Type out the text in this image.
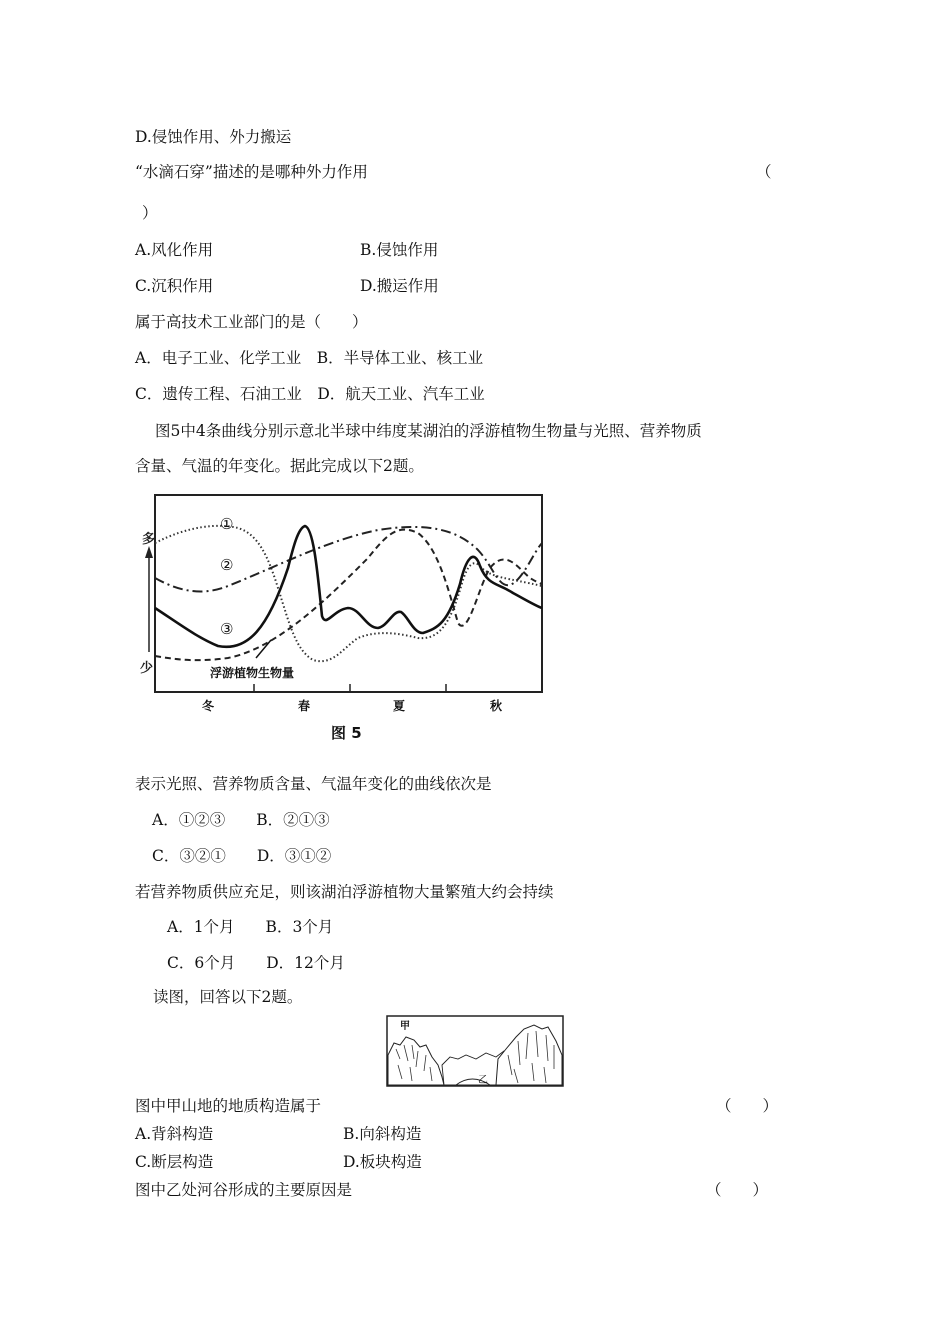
D.侵蚀作用、外力搬运
“水滴石穿”描述的是哪种外力作用	（
）
A.风化作用	B.侵蚀作用
C.沉积作用	D.搬运作用
属于高技术工业部门的是（　　）
A．电子工业、化学工业　B．半导体工业、核工业
C．遗传工程、石油工业　D．航天工业、汽车工业
图5中4条曲线分别示意北半球中纬度某湖泊的浮游植物生物量与光照、营养物质
含量、气温的年变化。据此完成以下2题。
多
少
①
②
③
浮游植物生物量
冬	春	夏	秋
图 5
表示光照、营养物质含量、气温年变化的曲线依次是
A．①②③　　B．②①③
C．③②①　　D．③①②
若营养物质供应充足，则该湖泊浮游植物大量繁殖大约会持续
A．1个月　　B．3个月
C．6个月　　D．12个月
读图，回答以下2题。
甲
乙
图中甲山地的地质构造属于	（　　）
A.背斜构造	B.向斜构造
C.断层构造	D.板块构造
图中乙处河谷形成的主要原因是	（　　）
